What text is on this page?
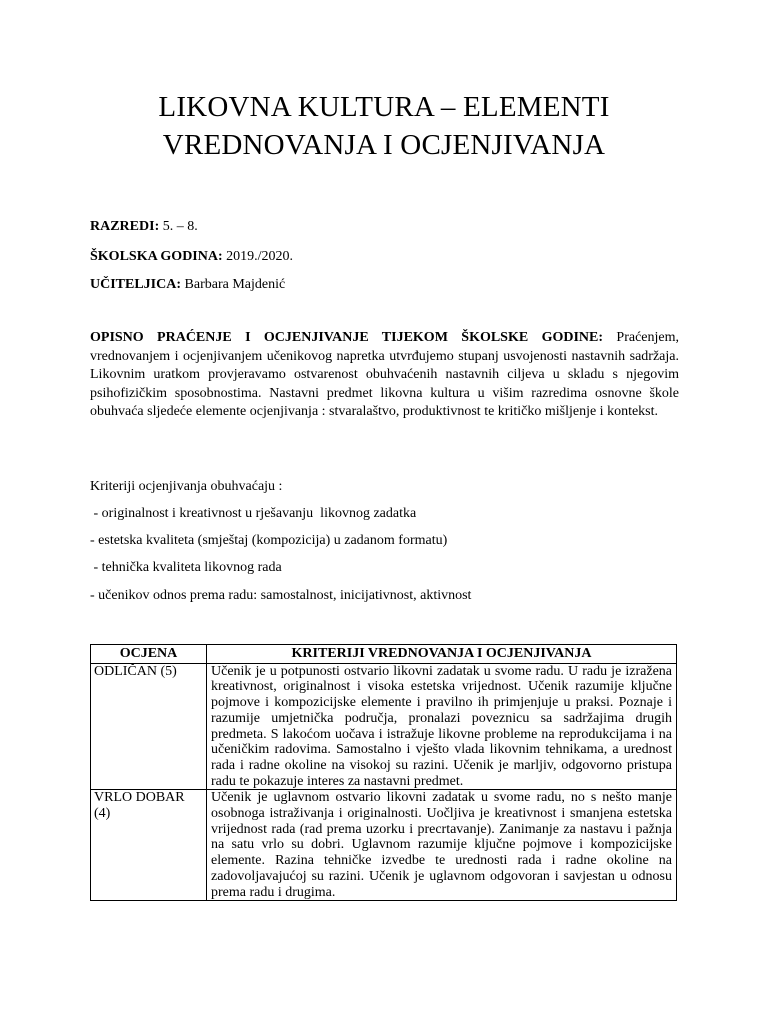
LIKOVNA KULTURA – ELEMENTI
VREDNOVANJA I OCJENJIVANJA
RAZREDI: 5. – 8.
ŠKOLSKA GODINA: 2019./2020.
UČITELJICA: Barbara Majdenić
OPISNO PRAĆENJE I OCJENJIVANJE TIJEKOM ŠKOLSKE GODINE: Praćenjem, vrednovanjem i ocjenjivanjem učenikovog napretka utvrđujemo stupanj usvojenosti nastavnih sadržaja. Likovnim uratkom provjeravamo ostvarenost obuhvaćenih nastavnih ciljeva u skladu s njegovim psihofizičkim sposobnostima. Nastavni predmet likovna kultura u višim razredima osnovne škole obuhvaća sljedeće elemente ocjenjivanja : stvaralaštvo, produktivnost te kritičko mišljenje i kontekst.
Kriteriji ocjenjivanja obuhvaćaju :
- originalnost i kreativnost u rješavanju  likovnog zadatka
- estetska kvaliteta (smještaj (kompozicija) u zadanom formatu)
- tehnička kvaliteta likovnog rada
- učenikov odnos prema radu: samostalnost, inicijativnost, aktivnost
OCJENA	KRITERIJI VREDNOVANJA I OCJENJIVANJA
ODLIČAN (5)	Učenik je u potpunosti ostvario likovni zadatak u svome radu. U radu je izražena kreativnost, originalnost i visoka estetska vrijednost. Učenik razumije ključne pojmove i kompozicijske elemente i pravilno ih primjenjuje u praksi. Poznaje i razumije umjetnička područja, pronalazi poveznicu sa sadržajima drugih predmeta. S lakoćom uočava i istražuje likovne probleme na reprodukcijama i na učeničkim radovima. Samostalno i vješto vlada likovnim tehnikama, a urednost rada i radne okoline na visokoj su razini. Učenik je marljiv, odgovorno pristupa radu te pokazuje interes za nastavni predmet.
VRLO DOBAR (4)	Učenik je uglavnom ostvario likovni zadatak u svome radu, no s nešto manje osobnoga istraživanja i originalnosti. Uočljiva je kreativnost i smanjena estetska vrijednost rada (rad prema uzorku i precrtavanje). Zanimanje za nastavu i pažnja na satu vrlo su dobri. Uglavnom razumije ključne pojmove i kompozicijske elemente. Razina tehničke izvedbe te urednosti rada i radne okoline na zadovoljavajućoj su razini. Učenik je uglavnom odgovoran i savjestan u odnosu prema radu i drugima.
